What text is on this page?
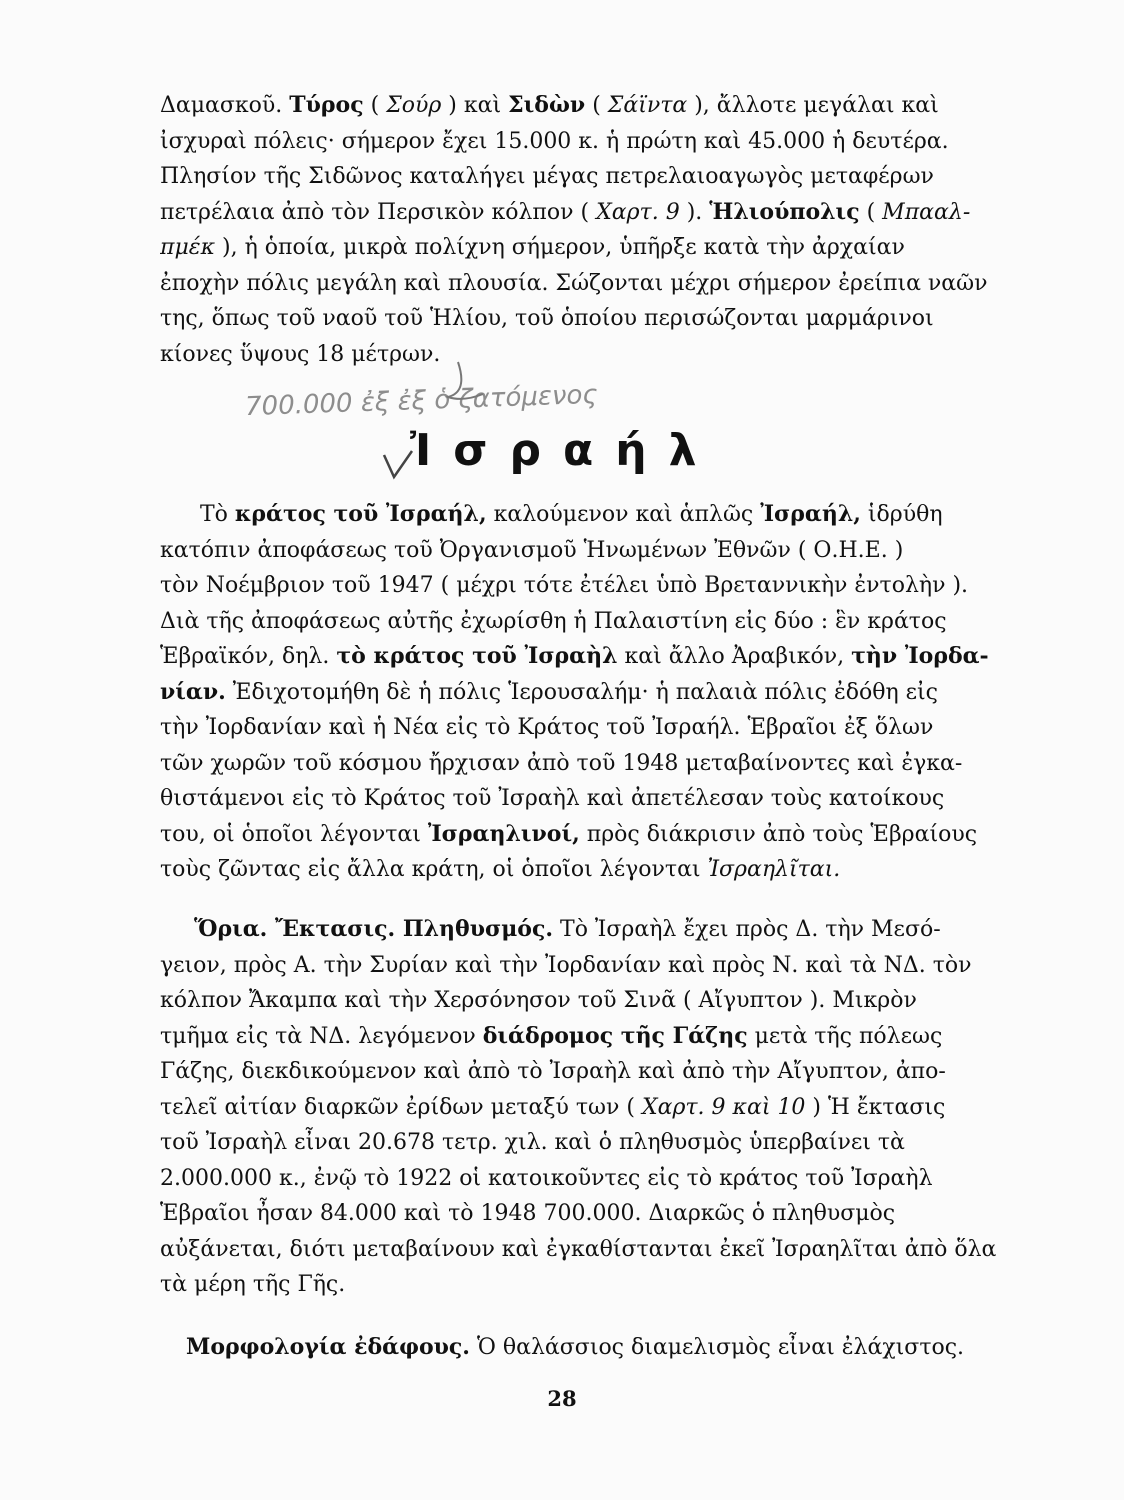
Δαμασκοῦ. Τύρος ( Σούρ ) καὶ Σιδὼν ( Σάϊντα ), ἄλλοτε μεγάλαι καὶ
ἰσχυραὶ πόλεις· σήμερον ἔχει 15.000 κ. ἡ πρώτη καὶ 45.000 ἡ δευτέρα.
Πλησίον τῆς Σιδῶνος καταλήγει μέγας πετρελαιοαγωγὸς μεταφέρων
πετρέλαια ἀπὸ τὸν Περσικὸν κόλπον ( Χαρτ. 9 ). Ἡλιούπολις ( Μπααλ-
πμέκ ), ἡ ὁποία, μικρὰ πολίχνη σήμερον, ὑπῆρξε κατὰ τὴν ἀρχαίαν
ἐποχὴν πόλις μεγάλη καὶ πλουσία. Σώζονται μέχρι σήμερον ἐρείπια ναῶν
της, ὅπως τοῦ ναοῦ τοῦ Ἡλίου, τοῦ ὁποίου περισώζονται μαρμάρινοι
κίονες ὕψους 18 μέτρων.
700.000 ἐξ ἐξ ὁ ζατόμενος
Ἰσραήλ
Τὸ κράτος τοῦ Ἰσραήλ, καλούμενον καὶ ἁπλῶς Ἰσραήλ, ἱδρύθη
κατόπιν ἀποφάσεως τοῦ Ὀργανισμοῦ Ἡνωμένων Ἐθνῶν ( Ο.Η.Ε. )
τὸν Νοέμβριον τοῦ 1947 ( μέχρι τότε ἐτέλει ὑπὸ Βρεταννικὴν ἐντολὴν ).
Διὰ τῆς ἀποφάσεως αὐτῆς ἐχωρίσθη ἡ Παλαιστίνη εἰς δύο : ἓν κράτος
Ἑβραϊκόν, δηλ. τὸ κράτος τοῦ Ἰσραὴλ καὶ ἄλλο Ἀραβικόν, τὴν Ἰορδα-
νίαν. Ἐδιχοτομήθη δὲ ἡ πόλις Ἱερουσαλήμ· ἡ παλαιὰ πόλις ἐδόθη εἰς
τὴν Ἰορδανίαν καὶ ἡ Νέα εἰς τὸ Κράτος τοῦ Ἰσραήλ. Ἑβραῖοι ἐξ ὅλων
τῶν χωρῶν τοῦ κόσμου ἤρχισαν ἀπὸ τοῦ 1948 μεταβαίνοντες καὶ ἐγκα-
θιστάμενοι εἰς τὸ Κράτος τοῦ Ἰσραὴλ καὶ ἀπετέλεσαν τοὺς κατοίκους
του, οἱ ὁποῖοι λέγονται Ἰσραηλινοί, πρὸς διάκρισιν ἀπὸ τοὺς Ἑβραίους
τοὺς ζῶντας εἰς ἄλλα κράτη, οἱ ὁποῖοι λέγονται Ἰσραηλῖται.
Ὅρια. Ἔκτασις. Πληθυσμός. Τὸ Ἰσραὴλ ἔχει πρὸς Δ. τὴν Μεσό-
γειον, πρὸς Α. τὴν Συρίαν καὶ τὴν Ἰορδανίαν καὶ πρὸς Ν. καὶ τὰ ΝΔ. τὸν
κόλπον Ἄκαμπα καὶ τὴν Χερσόνησον τοῦ Σινᾶ ( Αἴγυπτον ). Μικρὸν
τμῆμα εἰς τὰ ΝΔ. λεγόμενον διάδρομος τῆς Γάζης μετὰ τῆς πόλεως
Γάζης, διεκδικούμενον καὶ ἀπὸ τὸ Ἰσραὴλ καὶ ἀπὸ τὴν Αἴγυπτον, ἀπο-
τελεῖ αἰτίαν διαρκῶν ἐρίδων μεταξύ των ( Χαρτ. 9 καὶ 10 ) Ἡ ἔκτασις
τοῦ Ἰσραὴλ εἶναι 20.678 τετρ. χιλ. καὶ ὁ πληθυσμὸς ὑπερβαίνει τὰ
2.000.000 κ., ἐνῷ τὸ 1922 οἱ κατοικοῦντες εἰς τὸ κράτος τοῦ Ἰσραὴλ
Ἑβραῖοι ἦσαν 84.000 καὶ τὸ 1948 700.000. Διαρκῶς ὁ πληθυσμὸς
αὐξάνεται, διότι μεταβαίνουν καὶ ἐγκαθίστανται ἐκεῖ Ἰσραηλῖται ἀπὸ ὅλα
τὰ μέρη τῆς Γῆς.
Μορφολογία ἐδάφους. Ὁ θαλάσσιος διαμελισμὸς εἶναι ἐλάχιστος.
28
